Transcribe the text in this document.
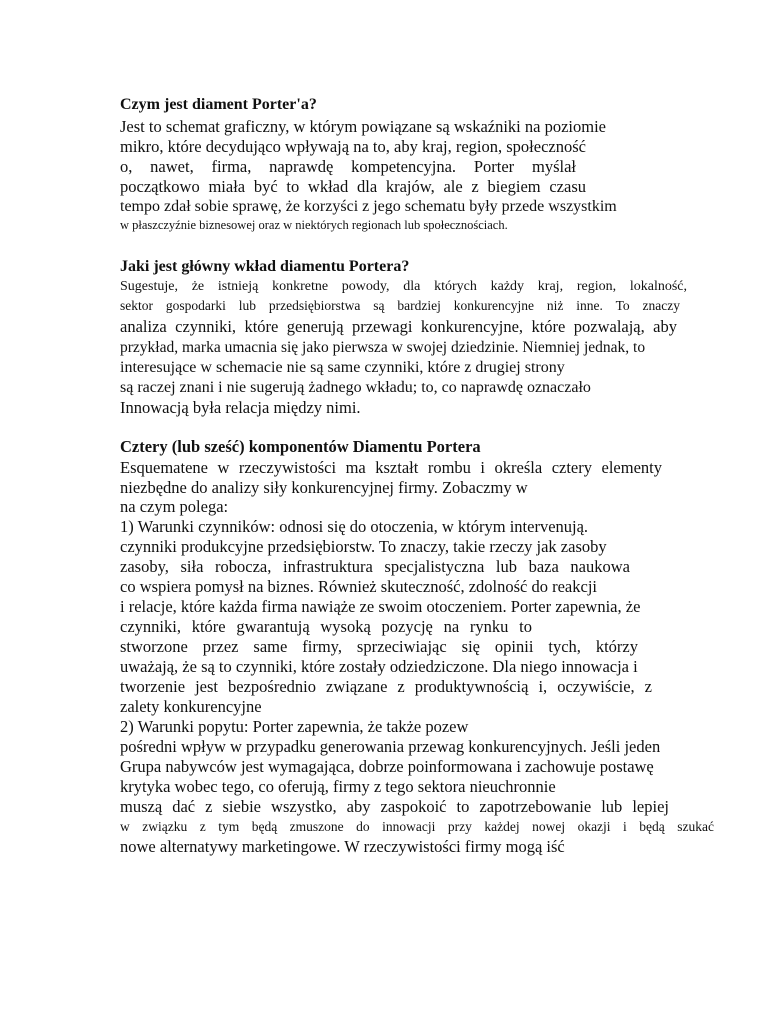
Czym jest diament Porter'a?
Jest to schemat graficzny, w którym powiązane są wskaźniki na poziomie
mikro, które decydująco wpływają na to, aby kraj, region, społeczność
o, nawet, firma, naprawdę kompetencyjna. Porter myślał
początkowo miała być to wkład dla krajów, ale z biegiem czasu
tempo zdał sobie sprawę, że korzyści z jego schematu były przede wszystkim
w płaszczyźnie biznesowej oraz w niektórych regionach lub społecznościach.
Jaki jest główny wkład diamentu Portera?
Sugestuje, że istnieją konkretne powody, dla których każdy kraj, region, lokalność,
sektor gospodarki lub przedsiębiorstwa są bardziej konkurencyjne niż inne. To znaczy
analiza czynniki, które generują przewagi konkurencyjne, które pozwalają, aby
przykład, marka umacnia się jako pierwsza w swojej dziedzinie. Niemniej jednak, to
interesujące w schemacie nie są same czynniki, które z drugiej strony
są raczej znani i nie sugerują żadnego wkładu; to, co naprawdę oznaczało
Innowacją była relacja między nimi.
Cztery (lub sześć) komponentów Diamentu Portera
Esquematene w rzeczywistości ma kształt rombu i określa cztery elementy
niezbędne do analizy siły konkurencyjnej firmy. Zobaczmy w
na czym polega:
1) Warunki czynników: odnosi się do otoczenia, w którym intervenują.
czynniki produkcyjne przedsiębiorstw. To znaczy, takie rzeczy jak zasoby
zasoby, siła robocza, infrastruktura specjalistyczna lub baza naukowa
co wspiera pomysł na biznes. Również skuteczność, zdolność do reakcji
i relacje, które każda firma nawiąże ze swoim otoczeniem. Porter zapewnia, że
czynniki, które gwarantują wysoką pozycję na rynku to
stworzone przez same firmy, sprzeciwiając się opinii tych, którzy
uważają, że są to czynniki, które zostały odziedziczone. Dla niego innowacja i
tworzenie jest bezpośrednio związane z produktywnością i, oczywiście, z
zalety konkurencyjne
2) Warunki popytu: Porter zapewnia, że także pozew
pośredni wpływ w przypadku generowania przewag konkurencyjnych. Jeśli jeden
Grupa nabywców jest wymagająca, dobrze poinformowana i zachowuje postawę
krytyka wobec tego, co oferują, firmy z tego sektora nieuchronnie
muszą dać z siebie wszystko, aby zaspokoić to zapotrzebowanie lub lepiej
w związku z tym będą zmuszone do innowacji przy każdej nowej okazji i będą szukać
nowe alternatywy marketingowe. W rzeczywistości firmy mogą iść
